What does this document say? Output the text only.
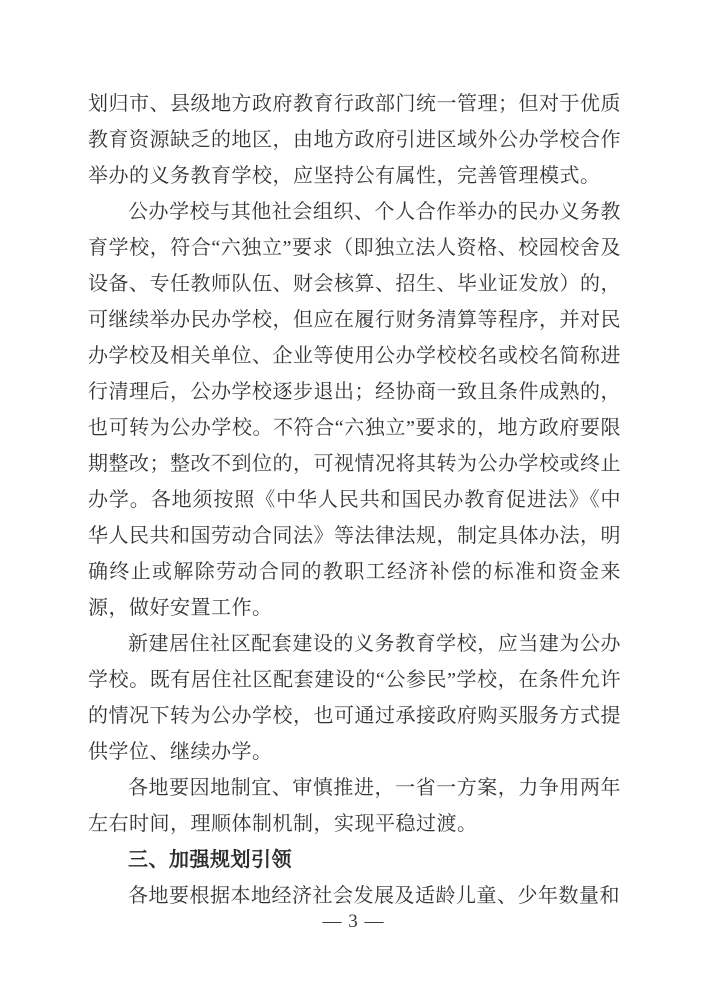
划归市、县级地方政府教育行政部门统一管理；但对于优质教育资源缺乏的地区，由地方政府引进区域外公办学校合作举办的义务教育学校，应坚持公有属性，完善管理模式。

公办学校与其他社会组织、个人合作举办的民办义务教育学校，符合“六独立”要求（即独立法人资格、校园校舍及设备、专任教师队伍、财会核算、招生、毕业证发放）的，可继续举办民办学校，但应在履行财务清算等程序，并对民办学校及相关单位、企业等使用公办学校校名或校名简称进行清理后，公办学校逐步退出；经协商一致且条件成熟的，也可转为公办学校。不符合“六独立”要求的，地方政府要限期整改；整改不到位的，可视情况将其转为公办学校或终止办学。各地须按照《中华人民共和国民办教育促进法》《中华人民共和国劳动合同法》等法律法规，制定具体办法，明确终止或解除劳动合同的教职工经济补偿的标准和资金来源，做好安置工作。

新建居住社区配套建设的义务教育学校，应当建为公办学校。既有居住社区配套建设的“公参民”学校，在条件允许的情况下转为公办学校，也可通过承接政府购买服务方式提供学位、继续办学。

各地要因地制宜、审慎推进，一省一方案，力争用两年左右时间，理顺体制机制，实现平稳过渡。

三、加强规划引领

各地要根据本地经济社会发展及适龄儿童、少年数量和

— 3 —
